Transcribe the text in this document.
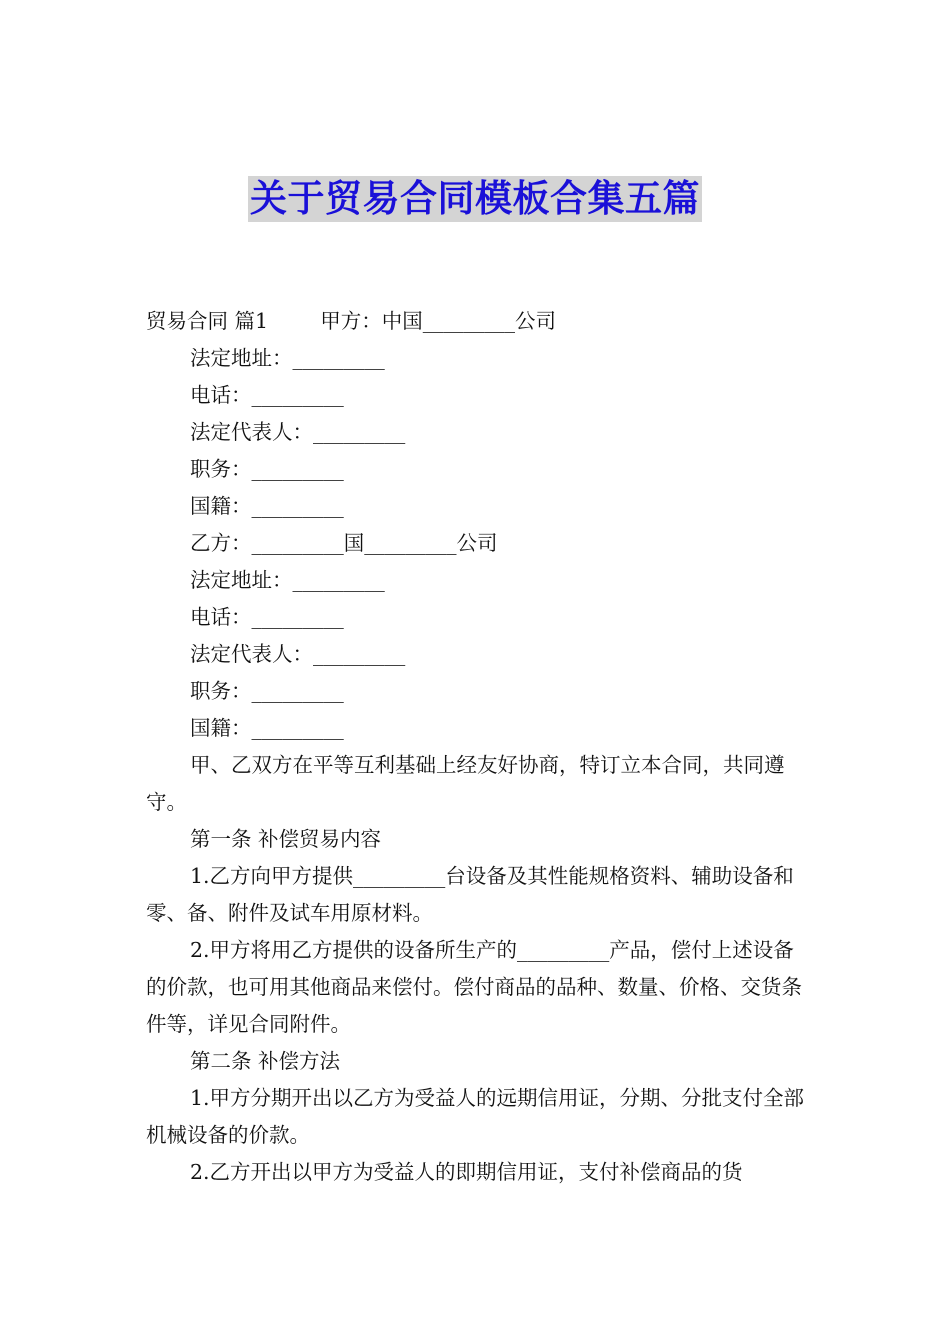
关于贸易合同模板合集五篇

贸易合同 篇1        甲方：中国_________公司

法定地址：_________

电话：_________

法定代表人：_________

职务：_________

国籍：_________

乙方：_________国_________公司

法定地址：_________

电话：_________

法定代表人：_________

职务：_________

国籍：_________

甲、乙双方在平等互利基础上经友好协商，特订立本合同，共同遵守。

第一条 补偿贸易内容

1.乙方向甲方提供_________台设备及其性能规格资料、辅助设备和零、备、附件及试车用原材料。

2.甲方将用乙方提供的设备所生产的_________产品，偿付上述设备的价款，也可用其他商品来偿付。偿付商品的品种、数量、价格、交货条件等，详见合同附件。

第二条 补偿方法

1.甲方分期开出以乙方为受益人的远期信用证，分期、分批支付全部机械设备的价款。

2.乙方开出以甲方为受益人的即期信用证，支付补偿商品的货
